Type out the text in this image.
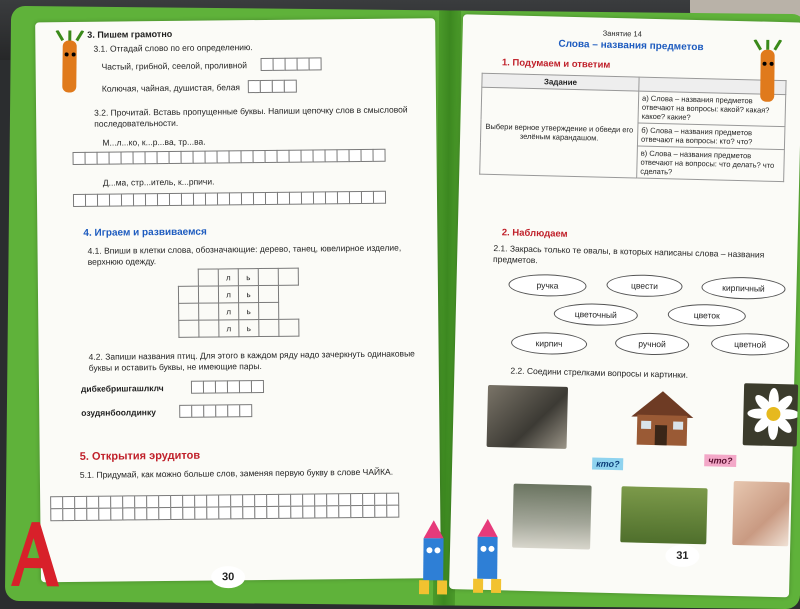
3. Пишем грамотно
3.1. Отгадай слово по его определению.
Частый, грибной, сеелой, проливной
Колючая, чайная, душистая, белая
3.2. Прочитай. Вставь пропущенные буквы. Напиши цепочку слов в смысловой последовательности.
М...л...ко, к...р...ва, тр...ва.
Д...ма, стр...итель, к...рпичи.
4. Играем и развиваемся
4.1. Впиши в клетки слова, обозначающие: дерево, танец, ювелирное изделие, верхнюю одежду.
		л	ь		
		л	ь		
		л	ь		
		л	ь		
4.2. Запиши названия птиц. Для этого в каждом ряду надо зачеркнуть одинаковые буквы и оставить буквы, не имеющие пары.
дибкебришгашлклч
озудянбоолдинку
5. Открытия эрудитов
5.1. Придумай, как можно больше слов, заменяя первую букву в слове ЧАЙКА.
Занятие 14
Слова – названия предметов
1. Подумаем и ответим
Задание	
Выбери верное утверждение и обведи его зелёным карандашом.	а) Слова – названия предметов отвечают на вопросы: какой? какая? какое? какие?
	б) Слова – названия предметов отвечают на вопросы: кто? что?
	в) Слова – названия предметов отвечают на вопросы: что делать? что сделать?
2. Наблюдаем
2.1. Закрась только те овалы, в которых написаны слова – названия предметов.
ручка	цвести	кирпичный
цветочный	цветок
кирпич	ручной	цветной
2.2. Соедини стрелками вопросы и картинки.
кто?	что?
30
31
